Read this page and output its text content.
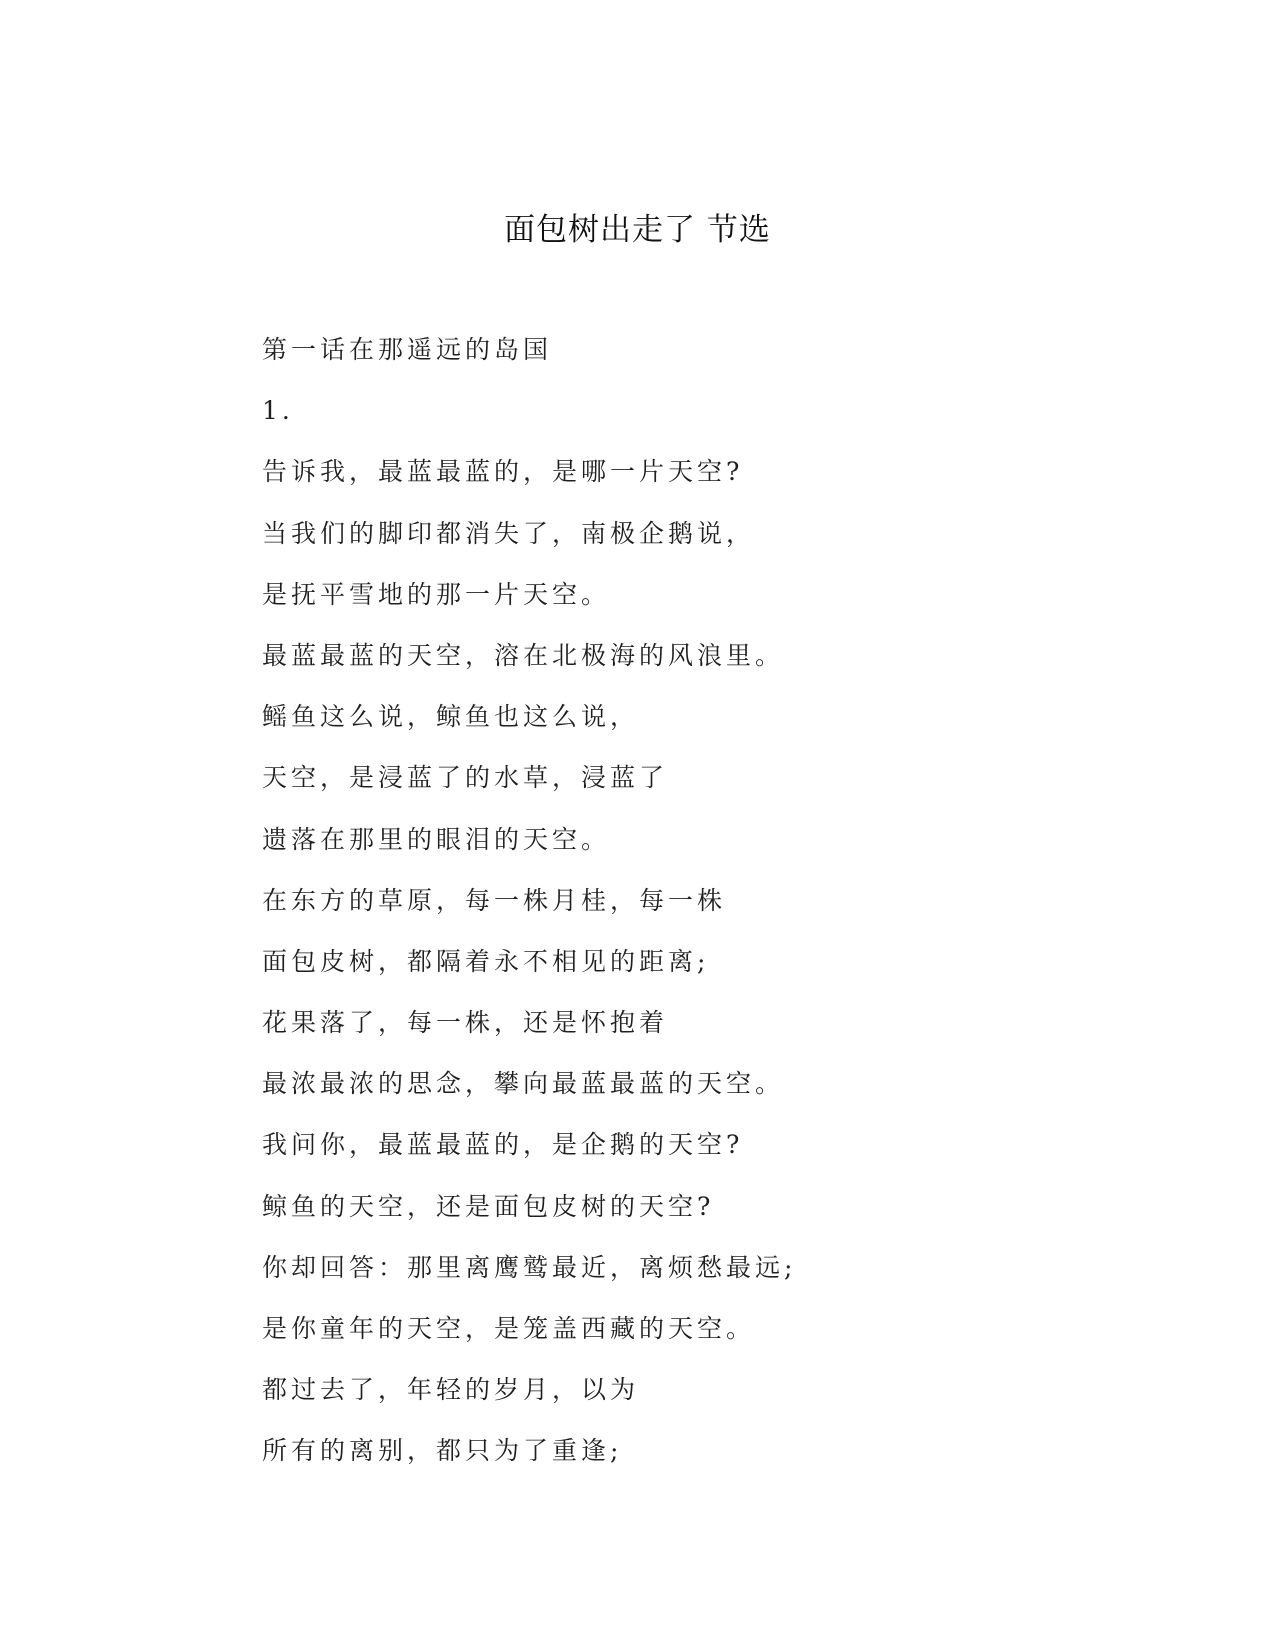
面包树出走了 节选
第一话在那遥远的岛国
1.
告诉我，最蓝最蓝的，是哪一片天空?
当我们的脚印都消失了，南极企鹅说，
是抚平雪地的那一片天空。
最蓝最蓝的天空，溶在北极海的风浪里。
鳐鱼这么说，鲸鱼也这么说，
天空，是浸蓝了的水草，浸蓝了
遗落在那里的眼泪的天空。
在东方的草原，每一株月桂，每一株
面包皮树，都隔着永不相见的距离;
花果落了，每一株，还是怀抱着
最浓最浓的思念，攀向最蓝最蓝的天空。
我问你，最蓝最蓝的，是企鹅的天空?
鲸鱼的天空，还是面包皮树的天空?
你却回答：那里离鹰鹫最近，离烦愁最远;
是你童年的天空，是笼盖西藏的天空。
都过去了，年轻的岁月，以为
所有的离别，都只为了重逢;
